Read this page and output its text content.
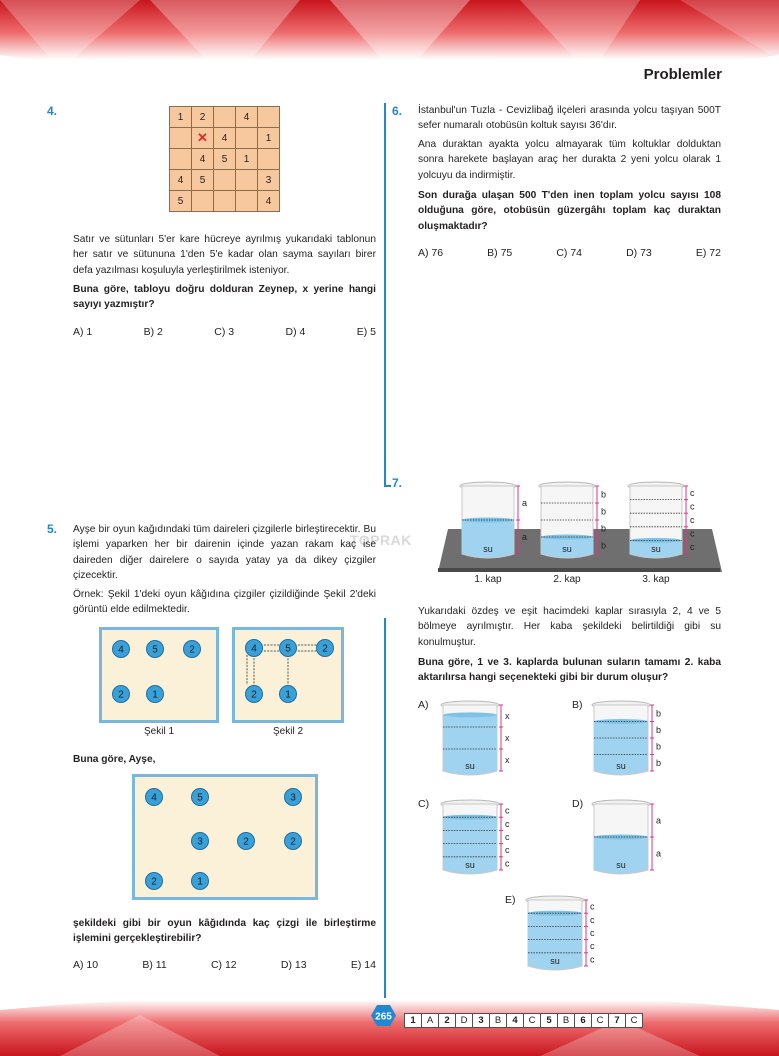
Problemler
265 1	A	2	D	3	B	4	C	5	B	6	C	7	C
TOPRAK
4.	1	2		4	
	✕	4		1
	4	5	1	
4	5			3
5				4
Satır ve sütunları 5'er kare hücreye ayrılmış yukarıdaki tablonun her satır ve sütununa 1'den 5'e kadar olan sayma sayıları birer defa yazılması koşuluyla yerleştirilmek isteniyor.
Buna göre, tabloyu doğru dolduran Zeynep, x yerine hangi sayıyı yazmıştır?
A) 1	B) 2	C) 3	D) 4	E) 5
5. Ayşe bir oyun kağıdındaki tüm daireleri çizgilerle birleştirecektir. Bu işlemi yaparken her bir dairenin içinde yazan rakam kaç ise daireden diğer dairelere o sayıda yatay ya da dikey çizgiler çizecektir.
Örnek: Şekil 1'deki oyun kâğıdına çizgiler çizildiğinde Şekil 2'deki görüntü elde edilmektedir.
4	5	2
2	1
Şekil 1
4	5	2
2	1
Şekil 2
Buna göre, Ayşe,
4	5	3
3	2	2
2	1
şekildeki gibi bir oyun kâğıdında kaç çizgi ile birleştirme işlemini gerçekleştirebilir?
A) 10	B) 11	C) 12	D) 13	E) 14
6. İstanbul'un Tuzla - Cevizlibağ ilçeleri arasında yolcu taşıyan 500T sefer numaralı otobüsün koltuk sayısı 36'dır.
Ana duraktan ayakta yolcu almayarak tüm koltuklar dolduktan sonra harekete başlayan araç her durakta 2 yeni yolcu olarak 1 yolcuyu da indirmiştir.
Son durağa ulaşan 500 T'den inen toplam yolcu sayısı 108 olduğuna göre, otobüsün güzergâhı toplam kaç duraktan oluşmaktadır?
A) 76	B) 75	C) 74	D) 73	E) 72
7.
a
a
su
1. kap
b
b
b
b
su
2. kap
c
c
c
c
c
su
3. kap
Yukarıdaki özdeş ve eşit hacimdeki kaplar sırasıyla 2, 4 ve 5 bölmeye ayrılmıştır. Her kaba şekildeki belirtildiği gibi su konulmuştur.
Buna göre, 1 ve 3. kaplarda bulunan suların tamamı 2. kaba aktarılırsa hangi seçenekteki gibi bir durum oluşur?
A)
x
x
x
su
B)
b
b
b
b
su
C)
c
c
c
c
c
su
D)
a
a
su
E)
c
c
c
c
c
su
